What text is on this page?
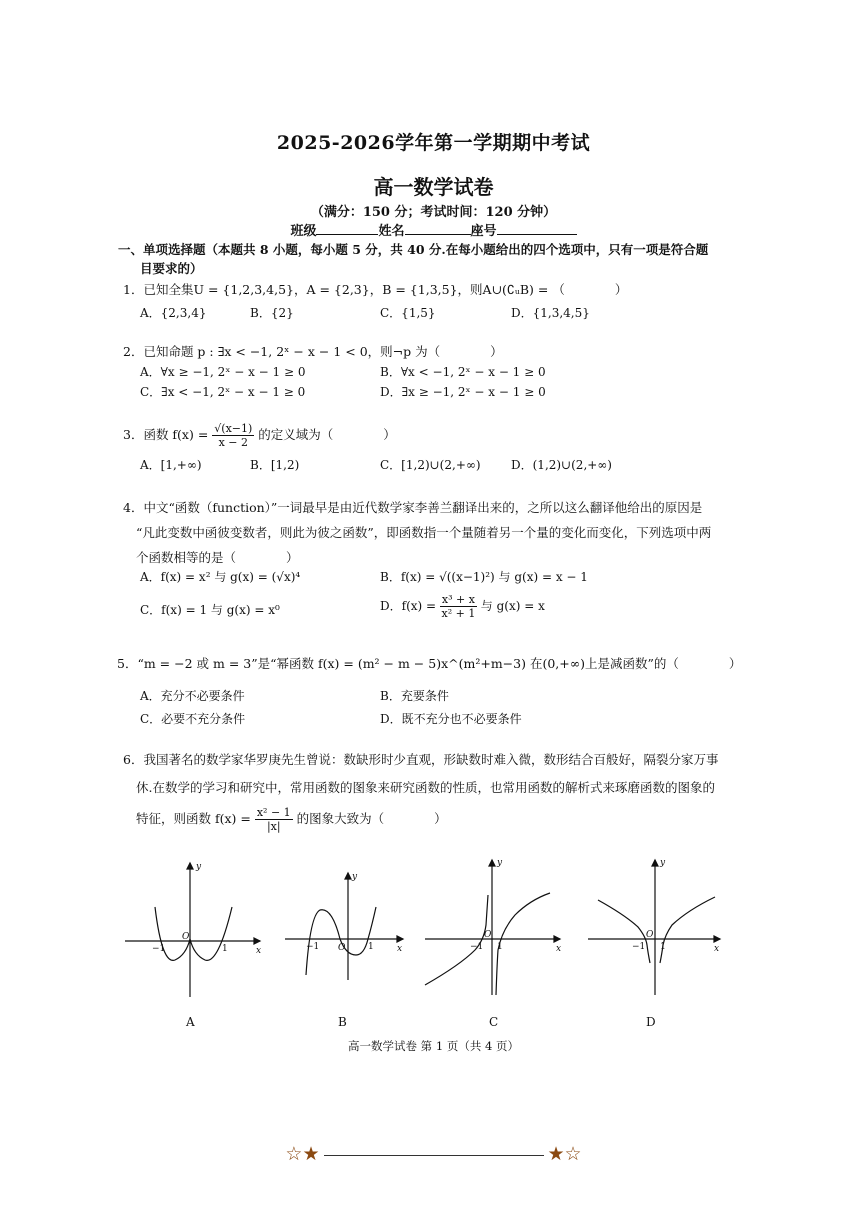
2025-2026学年第一学期期中考试
高一数学试卷
（满分：150 分；考试时间：120 分钟）
班级	姓名	座号
一、单项选择题（本题共 8 小题，每小题 5 分，共 40 分.在每小题给出的四个选项中，只有一项是符合题
目要求的）
1．已知全集U = {1,2,3,4,5}，A = {2,3}，B = {1,3,5}，则A∪(∁ᵤB) = （　　　　）
A．{2,3,4}	B．{2}	C．{1,5}	D．{1,3,4,5}
2．已知命题 p : ∃x < −1, 2ˣ − x − 1 < 0，则¬p 为（　　　　）
A．∀x ≥ −1, 2ˣ − x − 1 ≥ 0	B．∀x < −1, 2ˣ − x − 1 ≥ 0
C．∃x < −1, 2ˣ − x − 1 ≥ 0	D．∃x ≥ −1, 2ˣ − x − 1 ≥ 0
3．函数 $f(x) = \frac{√(x-1)}{x - 2}$ 的定义域为（　　　　）
A．[1,+∞)	B．[1,2)	C．[1,2)∪(2,+∞)	D．(1,2)∪(2,+∞)
4．中文“函数（function）”一词最早是由近代数学家李善兰翻译出来的，之所以这么翻译他给出的原因是
“凡此变数中函彼变数者，则此为彼之函数”，即函数指一个量随着另一个量的变化而变化，下列选项中两
个函数相等的是（　　　　）
A．f(x) = x² 与 g(x) = (√x)⁴	B．f(x) = √((x−1)²) 与 g(x) = x − 1
C．f(x) = 1 与 g(x) = x⁰	D．$f(x) = \frac{\text{x³ + x}}{\text{x² + 1}}$ 与 g(x) = x
5．“m = −2 或 m = 3”是“幂函数 f(x) = (m² − m − 5)x^(m²+m−3) 在(0,+∞)上是减函数”的（　　　　）
A．充分不必要条件	B．充要条件
C．必要不充分条件	D．既不充分也不必要条件
6．我国著名的数学家华罗庚先生曾说：数缺形时少直观，形缺数时难入微，数形结合百般好，隔裂分家万事
休.在数学的学习和研究中，常用函数的图象来研究函数的性质，也常用函数的解析式来琢磨函数的图象的
特征，则函数 $f(x) = \frac{\text{x² − 1}}{|x|}$ 的图象大致为（　　　　）
y
x
y
x
y
x
y
x
O
O
O	O
−1	1	−1	1	−1 1	−1 1
A	B	C	D
高一数学试卷 第 1 页（共 4 页）
☆★	★☆
